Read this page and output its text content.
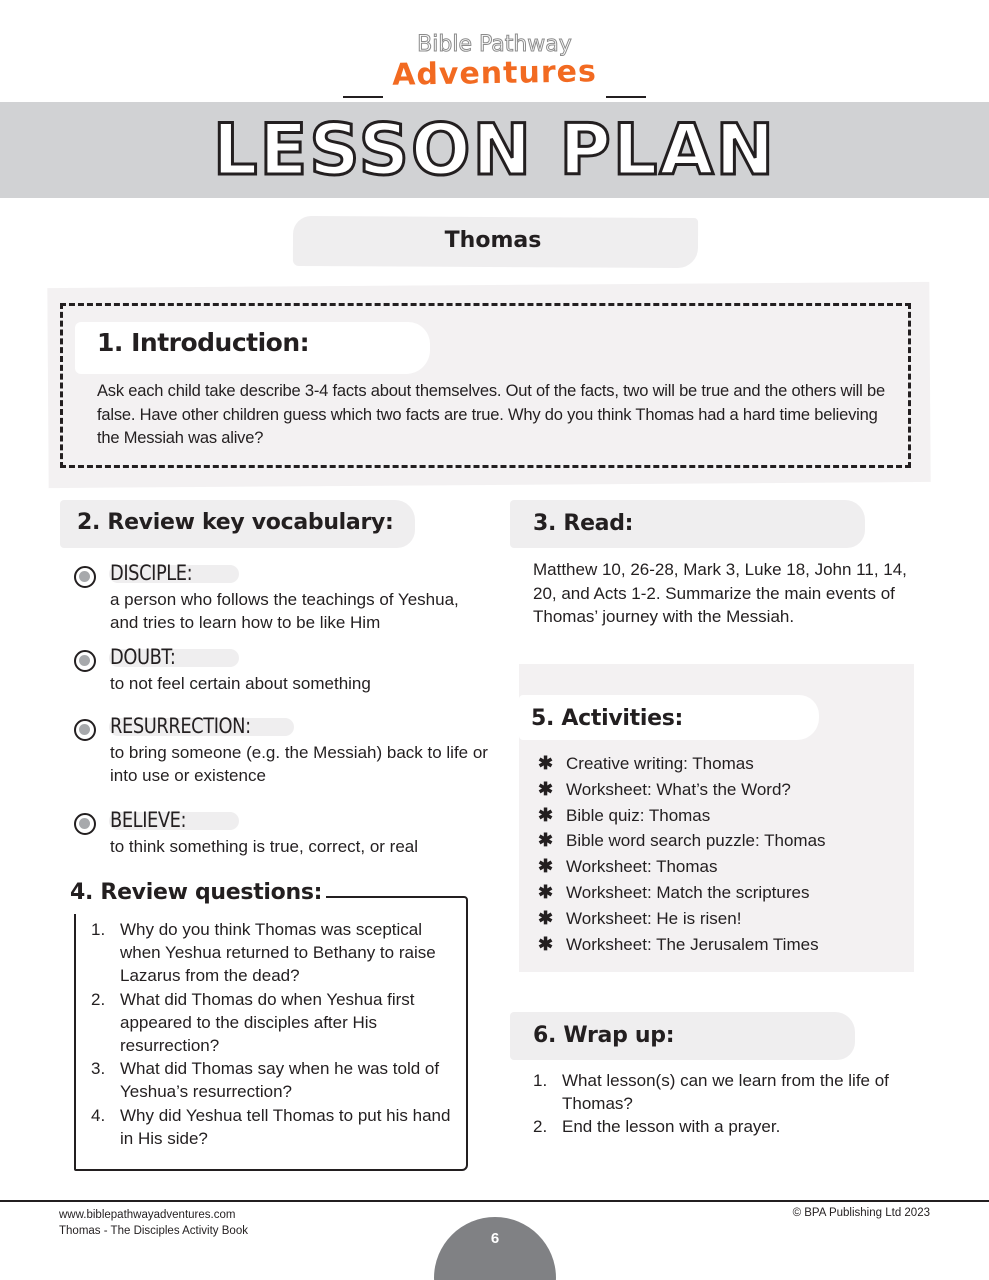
Bible Pathway
Adventures
LESSON PLAN
Thomas
1. Introduction:
Ask each child take describe 3-4 facts about themselves. Out of the facts, two will be true and the others will be false. Have other children guess which two facts are true. Why do you think Thomas had a hard time believing the Messiah was alive?
2. Review key vocabulary:
DISCIPLE:
a person who follows the teachings of Yeshua, and tries to learn how to be like Him
DOUBT:
to not feel certain about something
RESURRECTION:
to bring someone (e.g. the Messiah) back to life or into use or existence
BELIEVE:
to think something is true, correct, or real
3. Read:
Matthew 10, 26-28, Mark 3, Luke 18, John 11, 14, 20, and Acts 1-2. Summarize the main events of Thomas’ journey with the Messiah.
4. Review questions:
1. Why do you think Thomas was sceptical when Yeshua returned to Bethany to raise Lazarus from the dead?
2. What did Thomas do when Yeshua first appeared to the disciples after His resurrection?
3. What did Thomas say when he was told of Yeshua’s resurrection?
4. Why did Yeshua tell Thomas to put his hand in His side?
5. Activities:
✱ Creative writing: Thomas
✱ Worksheet: What’s the Word?
✱ Bible quiz: Thomas
✱ Bible word search puzzle: Thomas
✱ Worksheet: Thomas
✱ Worksheet: Match the scriptures
✱ Worksheet: He is risen!
✱ Worksheet: The Jerusalem Times
6. Wrap up:
1. What lesson(s) can we learn from the life of Thomas?
2. End the lesson with a prayer.
www.biblepathwayadventures.com
Thomas - The Disciples Activity Book
© BPA Publishing Ltd 2023
6
